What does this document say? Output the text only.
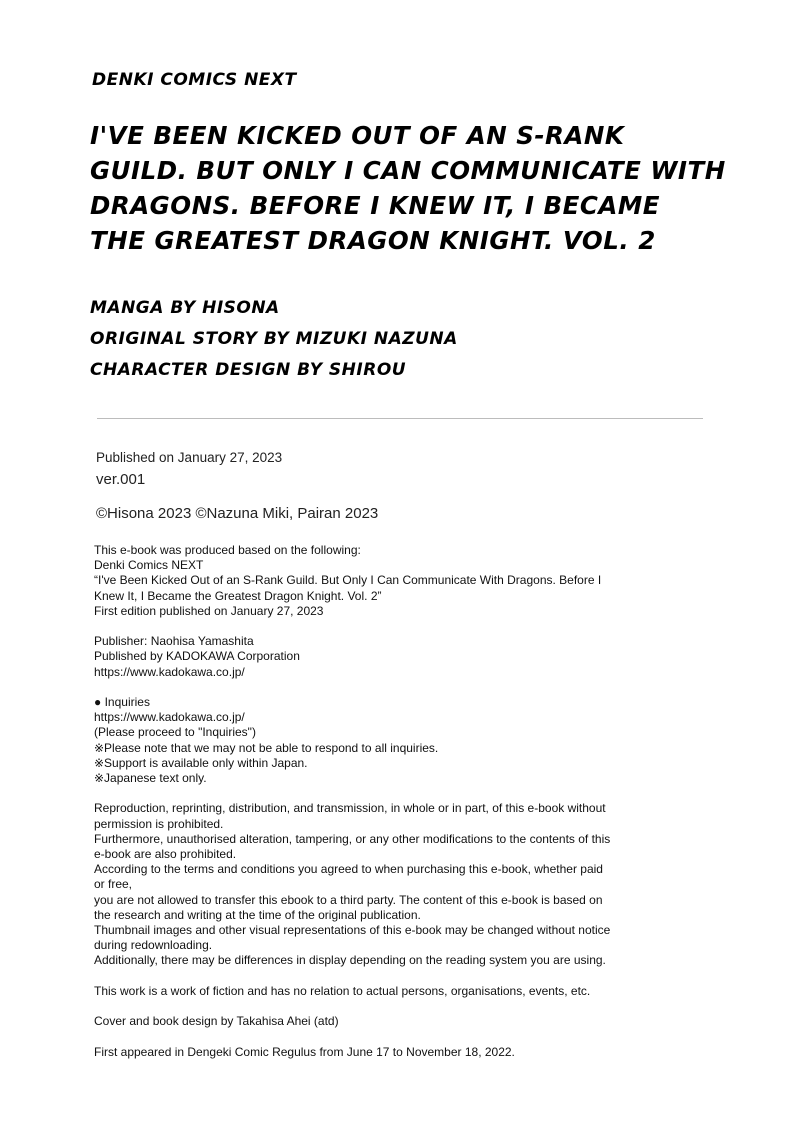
DENKI COMICS NEXT
I'VE BEEN KICKED OUT OF AN S-RANK
GUILD. BUT ONLY I CAN COMMUNICATE WITH
DRAGONS. BEFORE I KNEW IT, I BECAME
THE GREATEST DRAGON KNIGHT. VOL. 2
MANGA BY HISONA
ORIGINAL STORY BY MIZUKI NAZUNA
CHARACTER DESIGN BY SHIROU
Published on January 27, 2023
ver.001
©Hisona 2023 ©Nazuna Miki, Pairan 2023
This e-book was produced based on the following:
Denki Comics NEXT
“I've Been Kicked Out of an S-Rank Guild. But Only I Can Communicate With Dragons. Before I
Knew It, I Became the Greatest Dragon Knight. Vol. 2”
First edition published on January 27, 2023
Publisher: Naohisa Yamashita
Published by KADOKAWA Corporation
https://www.kadokawa.co.jp/
● Inquiries
https://www.kadokawa.co.jp/
(Please proceed to "Inquiries")
※Please note that we may not be able to respond to all inquiries.
※Support is available only within Japan.
※Japanese text only.
Reproduction, reprinting, distribution, and transmission, in whole or in part, of this e-book without
permission is prohibited.
Furthermore, unauthorised alteration, tampering, or any other modifications to the contents of this
e-book are also prohibited.
According to the terms and conditions you agreed to when purchasing this e-book, whether paid
or free,
you are not allowed to transfer this ebook to a third party. The content of this e-book is based on
the research and writing at the time of the original publication.
Thumbnail images and other visual representations of this e-book may be changed without notice
during redownloading.
Additionally, there may be differences in display depending on the reading system you are using.
This work is a work of fiction and has no relation to actual persons, organisations, events, etc.
Cover and book design by Takahisa Ahei (atd)
First appeared in Dengeki Comic Regulus from June 17 to November 18, 2022.
